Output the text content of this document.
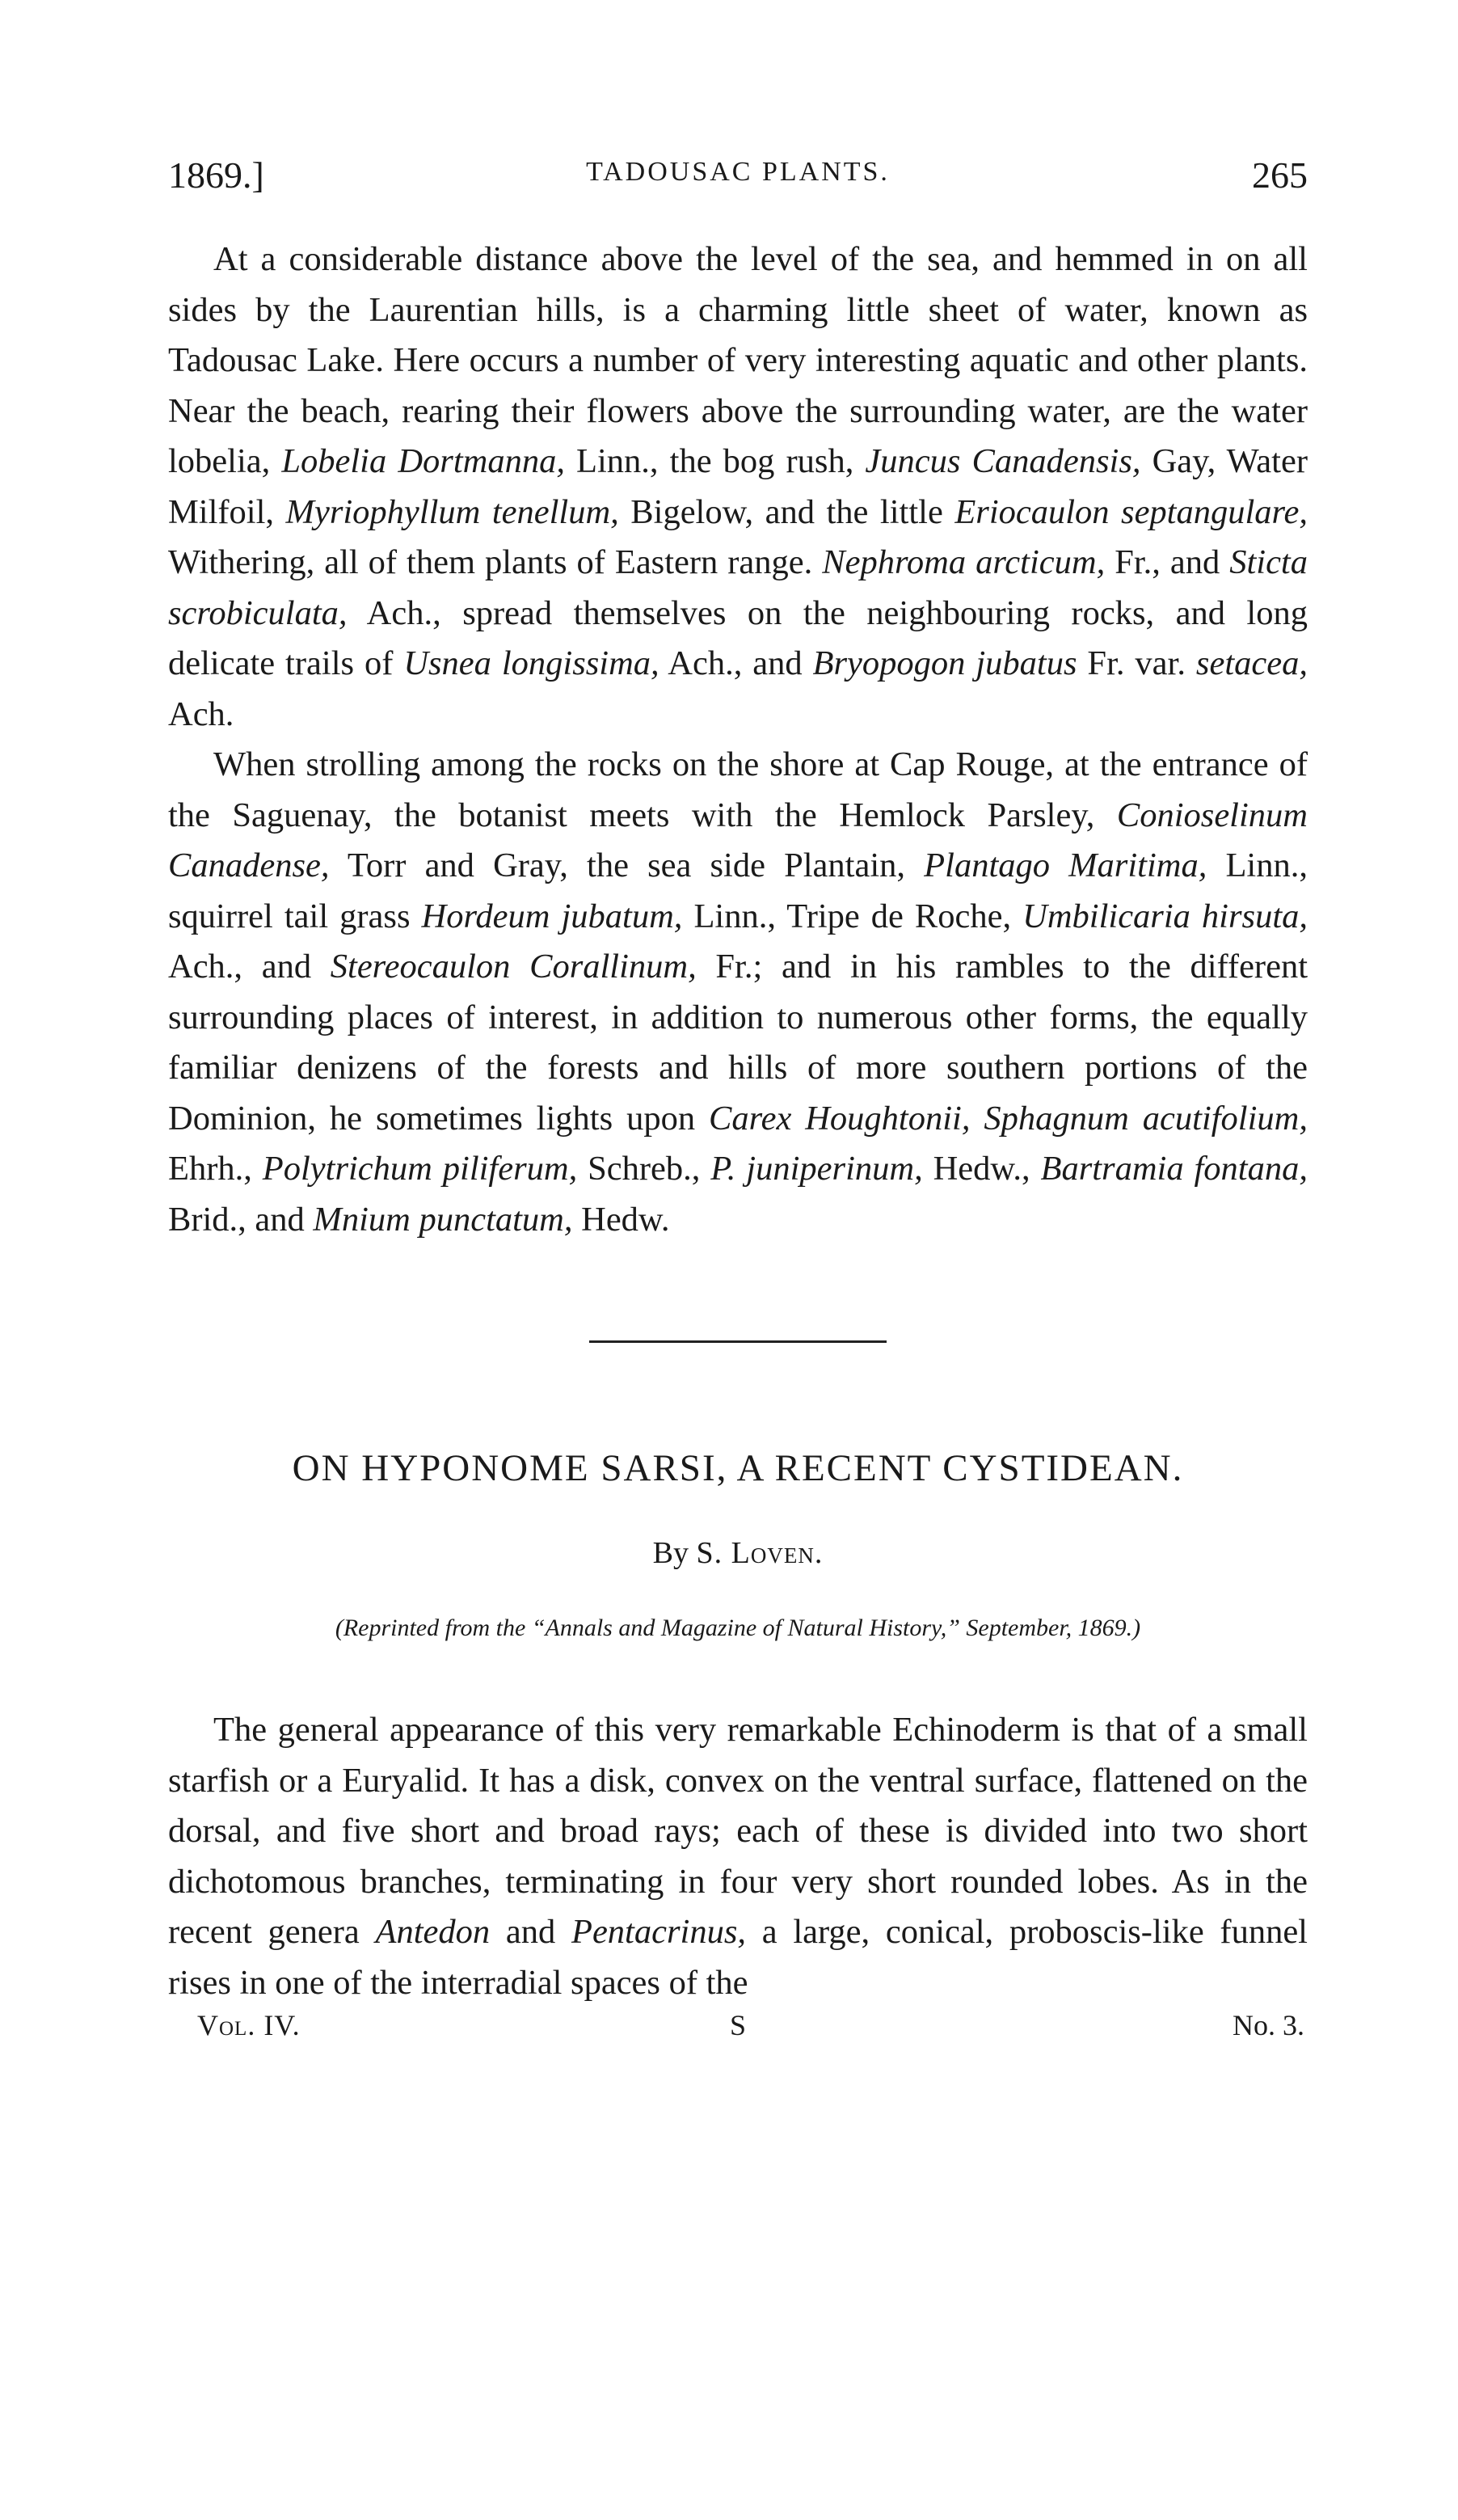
1869.]	TADOUSAC PLANTS.	265

At a considerable distance above the level of the sea, and hemmed in on all sides by the Laurentian hills, is a charming little sheet of water, known as Tadousac Lake. Here occurs a number of very interesting aquatic and other plants. Near the beach, rearing their flowers above the surrounding water, are the water lobelia, Lobelia Dortmanna, Linn., the bog rush, Juncus Canadensis, Gay, Water Milfoil, Myriophyllum tenellum, Bigelow, and the little Eriocaulon septangulare, Withering, all of them plants of Eastern range. Nephroma arcticum, Fr., and Sticta scrobiculata, Ach., spread themselves on the neighbouring rocks, and long delicate trails of Usnea longissima, Ach., and Bryopogon jubatus Fr. var. setacea, Ach.

When strolling among the rocks on the shore at Cap Rouge, at the entrance of the Saguenay, the botanist meets with the Hemlock Parsley, Conioselinum Canadense, Torr and Gray, the sea side Plantain, Plantago Maritima, Linn., squirrel tail grass Hordeum jubatum, Linn., Tripe de Roche, Umbilicaria hirsuta, Ach., and Stereocaulon Corallinum, Fr.; and in his rambles to the different surrounding places of interest, in addition to numerous other forms, the equally familiar denizens of the forests and hills of more southern portions of the Dominion, he sometimes lights upon Carex Houghtonii, Sphagnum acutifolium, Ehrh., Polytrichum piliferum, Schreb., P. juniperinum, Hedw., Bartramia fontana, Brid., and Mnium punctatum, Hedw.

ON HYPONOME SARSI, A RECENT CYSTIDEAN.
By S. Loven.
(Reprinted from the “Annals and Magazine of Natural History,” September, 1869.)

The general appearance of this very remarkable Echinoderm is that of a small starfish or a Euryalid. It has a disk, convex on the ventral surface, flattened on the dorsal, and five short and broad rays; each of these is divided into two short dichotomous branches, terminating in four very short rounded lobes. As in the recent genera Antedon and Pentacrinus, a large, conical, proboscis-like funnel rises in one of the interradial spaces of the

Vol. IV.	S	No. 3.
